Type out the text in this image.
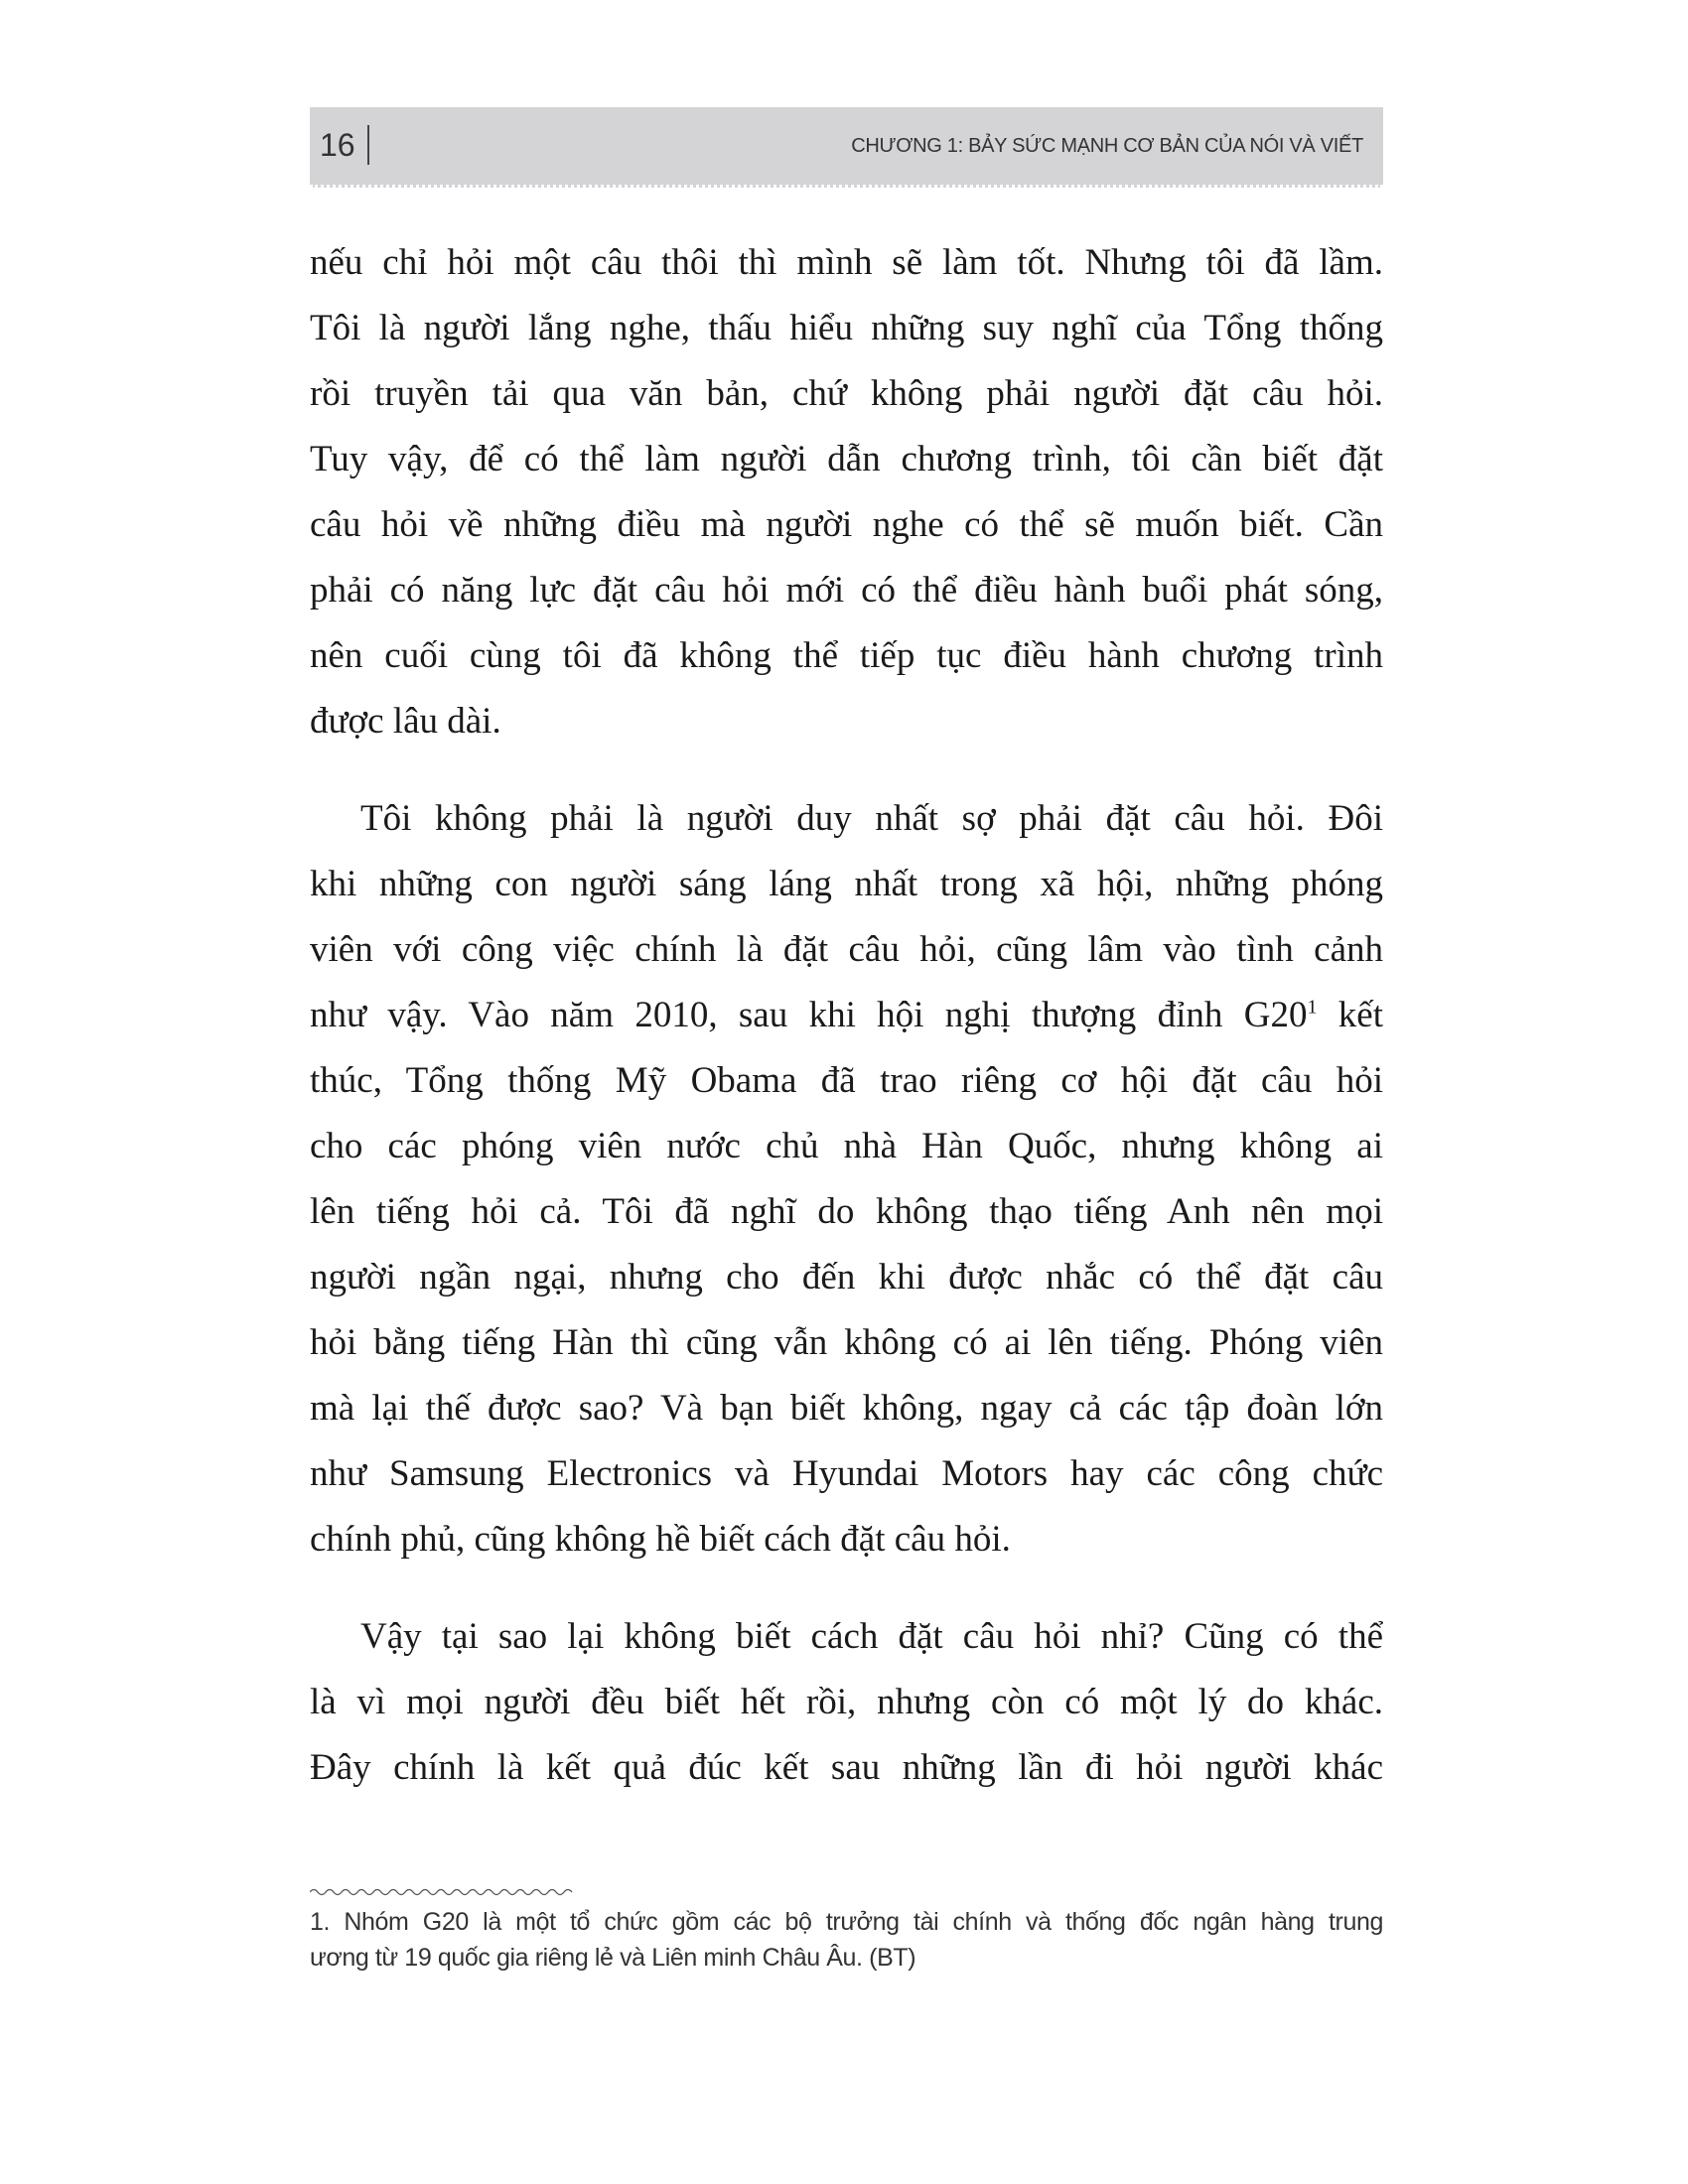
16	CHƯƠNG 1: BẢY SỨC MẠNH CƠ BẢN CỦA NÓI VÀ VIẾT
nếu chỉ hỏi một câu thôi thì mình sẽ làm tốt. Nhưng tôi đã lầm.
Tôi là người lắng nghe, thấu hiểu những suy nghĩ của Tổng thống
rồi truyền tải qua văn bản, chứ không phải người đặt câu hỏi.
Tuy vậy, để có thể làm người dẫn chương trình, tôi cần biết đặt
câu hỏi về những điều mà người nghe có thể sẽ muốn biết. Cần
phải có năng lực đặt câu hỏi mới có thể điều hành buổi phát sóng,
nên cuối cùng tôi đã không thể tiếp tục điều hành chương trình
được lâu dài.
Tôi không phải là người duy nhất sợ phải đặt câu hỏi. Đôi
khi những con người sáng láng nhất trong xã hội, những phóng
viên với công việc chính là đặt câu hỏi, cũng lâm vào tình cảnh
như vậy. Vào năm 2010, sau khi hội nghị thượng đỉnh $G20^1$ kết
thúc, Tổng thống Mỹ Obama đã trao riêng cơ hội đặt câu hỏi
cho các phóng viên nước chủ nhà Hàn Quốc, nhưng không ai
lên tiếng hỏi cả. Tôi đã nghĩ do không thạo tiếng Anh nên mọi
người ngần ngại, nhưng cho đến khi được nhắc có thể đặt câu
hỏi bằng tiếng Hàn thì cũng vẫn không có ai lên tiếng. Phóng viên
mà lại thế được sao? Và bạn biết không, ngay cả các tập đoàn lớn
như Samsung Electronics và Hyundai Motors hay các công chức
chính phủ, cũng không hề biết cách đặt câu hỏi.
Vậy tại sao lại không biết cách đặt câu hỏi nhỉ? Cũng có thể
là vì mọi người đều biết hết rồi, nhưng còn có một lý do khác.
Đây chính là kết quả đúc kết sau những lần đi hỏi người khác
1. Nhóm G20 là một tổ chức gồm các bộ trưởng tài chính và thống đốc ngân hàng trung
ương từ 19 quốc gia riêng lẻ và Liên minh Châu Âu. (BT)
